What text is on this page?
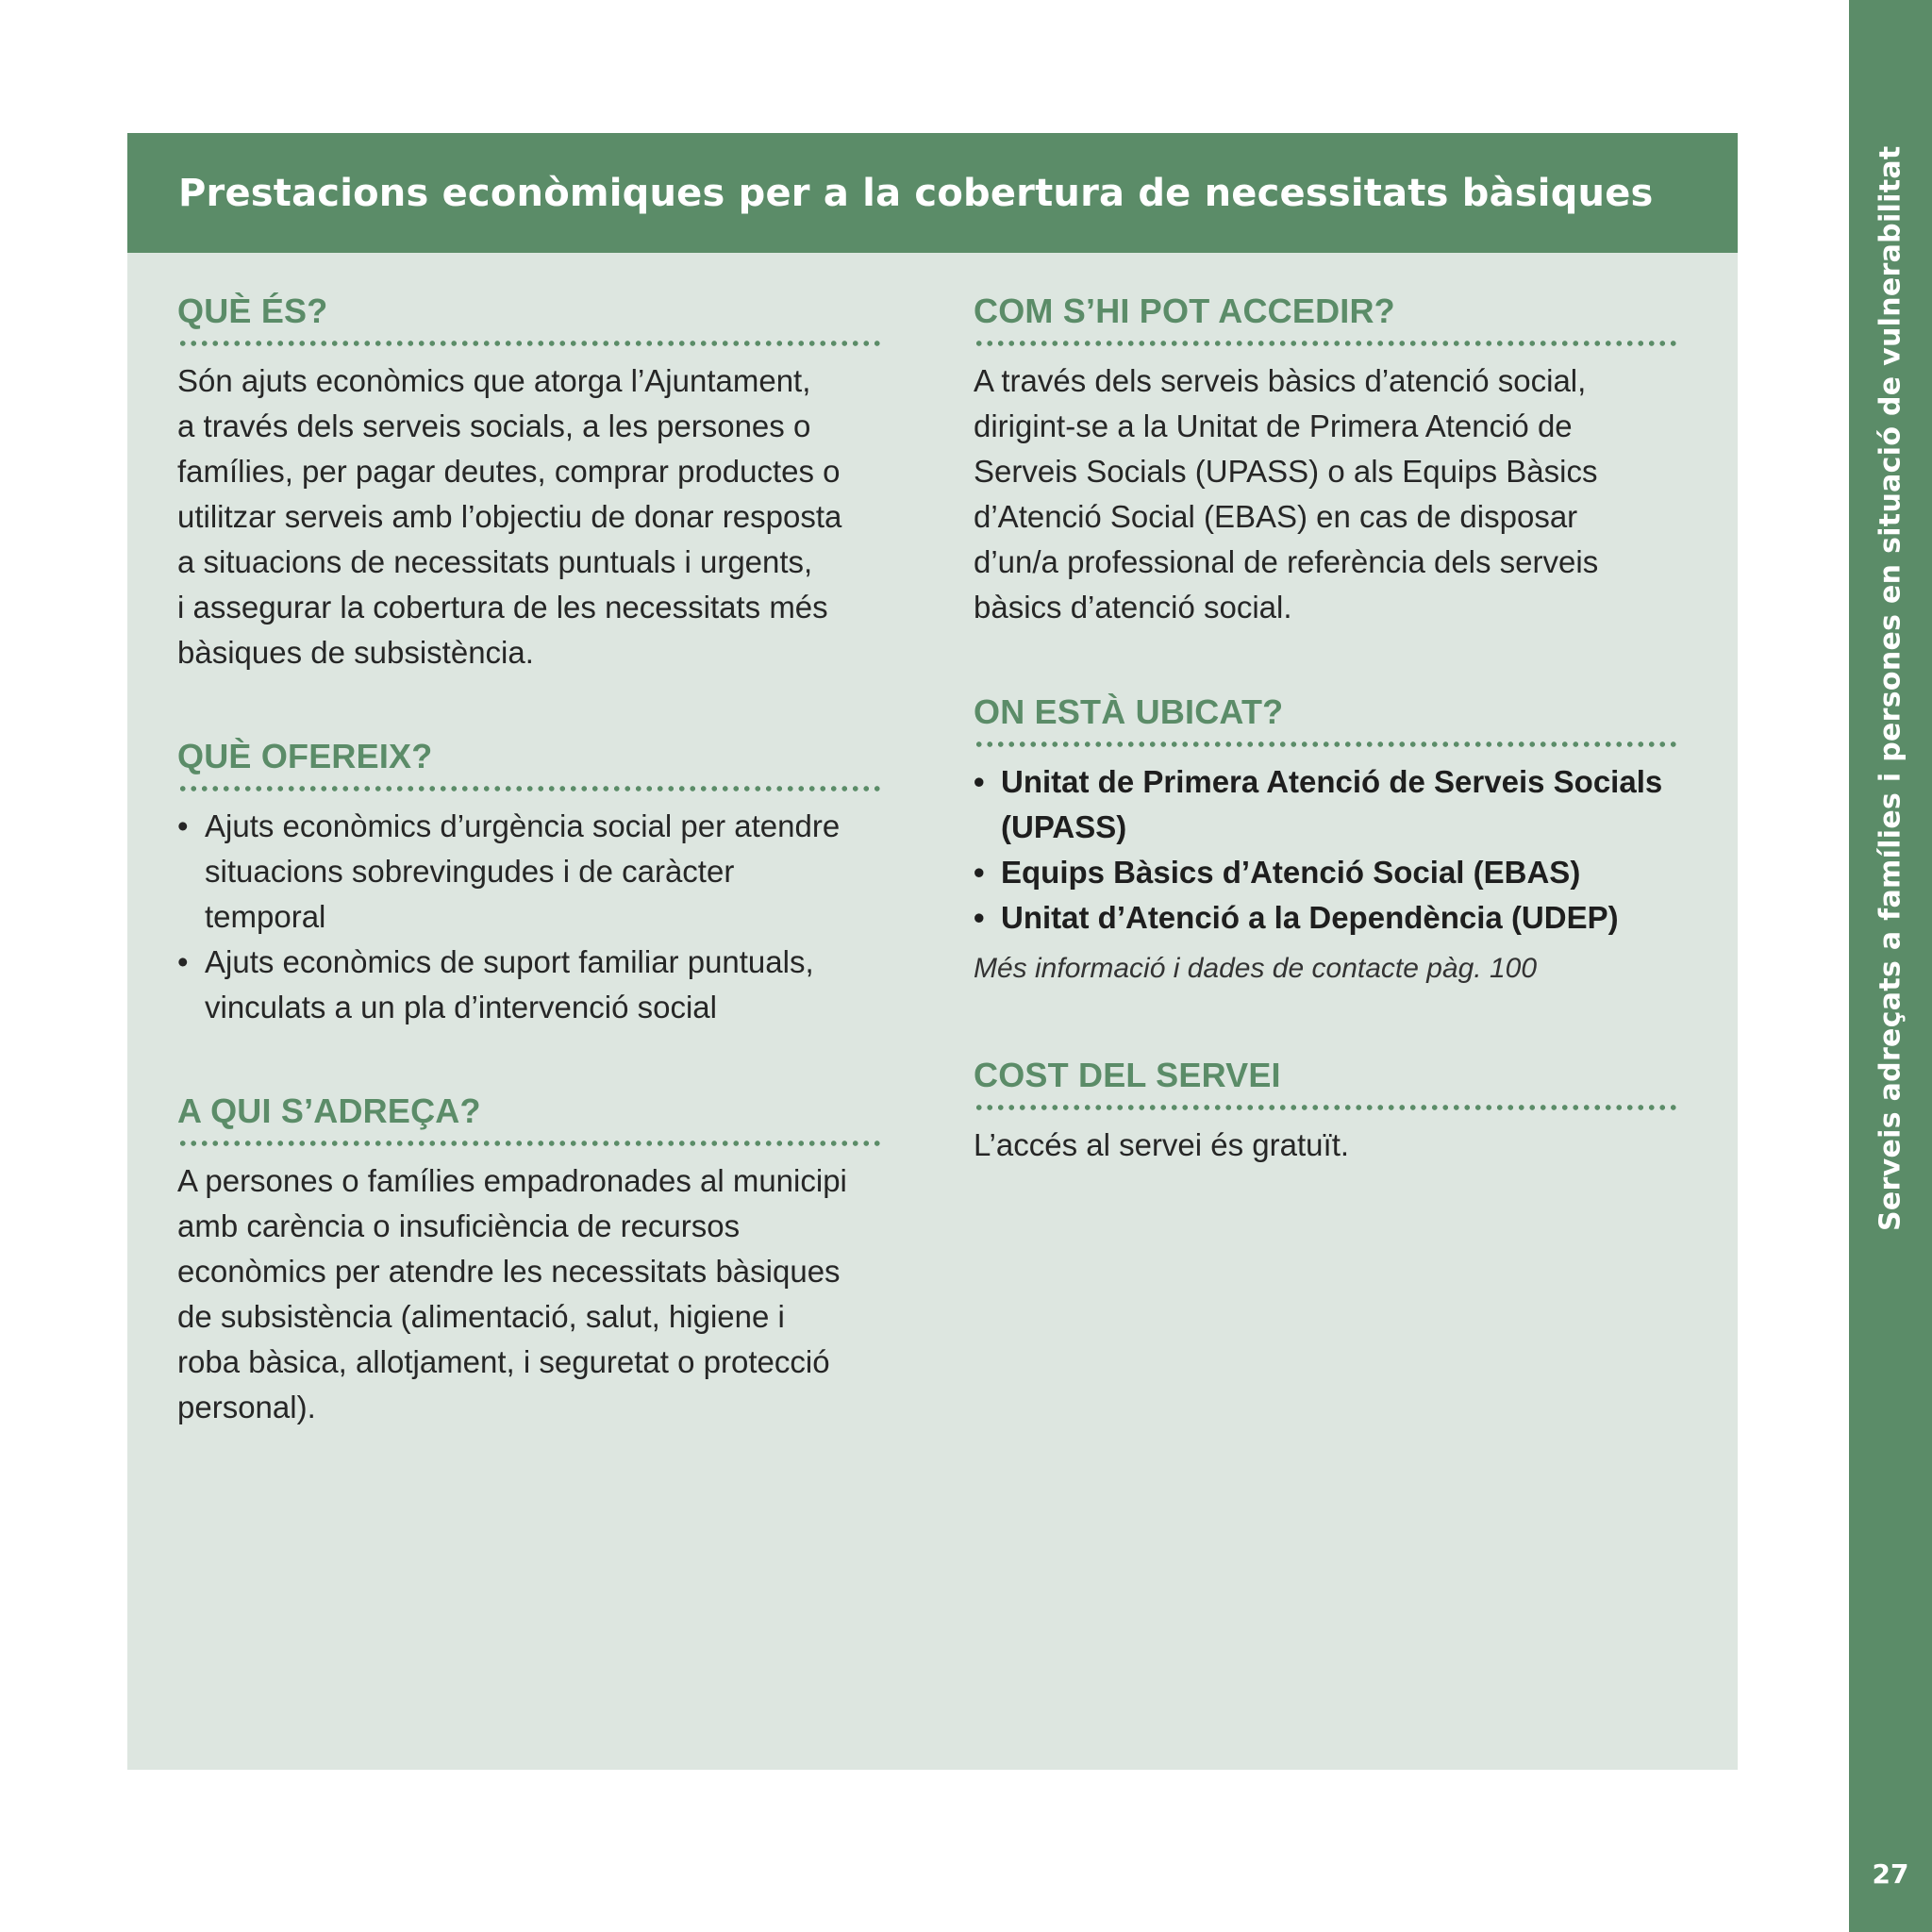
Serveis adreçats a famílies i persones en situació de vulnerabilitat
27
Prestacions econòmiques per a la cobertura de necessitats bàsiques
QUÈ ÉS?
Són ajuts econòmics que atorga l’Ajuntament,
a través dels serveis socials, a les persones o
famílies, per pagar deutes, comprar productes o
utilitzar serveis amb l’objectiu de donar resposta
a situacions de necessitats puntuals i urgents,
i assegurar la cobertura de les necessitats més
bàsiques de subsistència.
QUÈ OFEREIX?
• Ajuts econòmics d’urgència social per atendre
situacions sobrevingudes i de caràcter
temporal
• Ajuts econòmics de suport familiar puntuals,
vinculats a un pla d’intervenció social
A QUI S’ADREÇA?
A persones o famílies empadronades al municipi
amb carència o insuficiència de recursos
econòmics per atendre les necessitats bàsiques
de subsistència (alimentació, salut, higiene i
roba bàsica, allotjament, i seguretat o protecció
personal).
COM S’HI POT ACCEDIR?
A través dels serveis bàsics d’atenció social,
dirigint-se a la Unitat de Primera Atenció de
Serveis Socials (UPASS) o als Equips Bàsics
d’Atenció Social (EBAS) en cas de disposar
d’un/a professional de referència dels serveis
bàsics d’atenció social.
ON ESTÀ UBICAT?
• Unitat de Primera Atenció de Serveis Socials
(UPASS)
• Equips Bàsics d’Atenció Social (EBAS)
• Unitat d’Atenció a la Dependència (UDEP)
Més informació i dades de contacte pàg. 100
COST DEL SERVEI
L’accés al servei és gratuït.
